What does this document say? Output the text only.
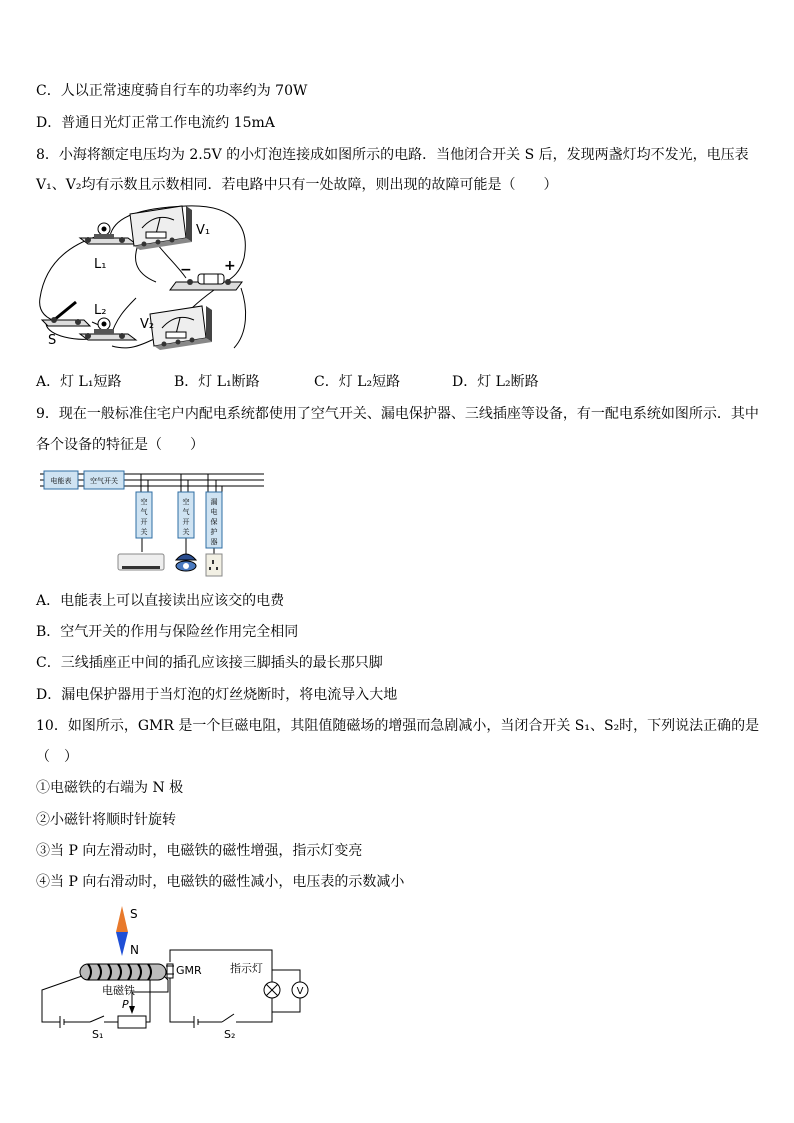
C．人以正常速度骑自行车的功率约为 70W
D．普通日光灯正常工作电流约 15mA
8．小海将额定电压均为 2.5V 的小灯泡连接成如图所示的电路．当他闭合开关 S 后，发现两盏灯均不发光，电压表
V₁、V₂均有示数且示数相同．若电路中只有一处故障，则出现的故障可能是（　　）
L₁
V₁
− +
S
L₂
V₂
A．灯 L₁短路	B．灯 L₁断路	C．灯 L₂短路	D．灯 L₂断路
9．现在一般标准住宅户内配电系统都使用了空气开关、漏电保护器、三线插座等设备，有一配电系统如图所示．其中
各个设备的特征是（　　）
电能表	空气开关
空
气
开
关
空
气
开
关
漏
电
保
护
器
A．电能表上可以直接读出应该交的电费
B．空气开关的作用与保险丝作用完全相同
C．三线插座正中间的插孔应该接三脚插头的最长那只脚
D．漏电保护器用于当灯泡的灯丝烧断时，将电流导入大地
10．如图所示，GMR 是一个巨磁电阻，其阻值随磁场的增强而急剧减小，当闭合开关 S₁、S₂时，下列说法正确的是
（　）
①电磁铁的右端为 N 极
②小磁针将顺时针旋转
③当 P 向左滑动时，电磁铁的磁性增强，指示灯变亮
④当 P 向右滑动时，电磁铁的磁性减小，电压表的示数减小
S
N
电磁铁
P
S₁
GMR	指示灯
V
S₂
